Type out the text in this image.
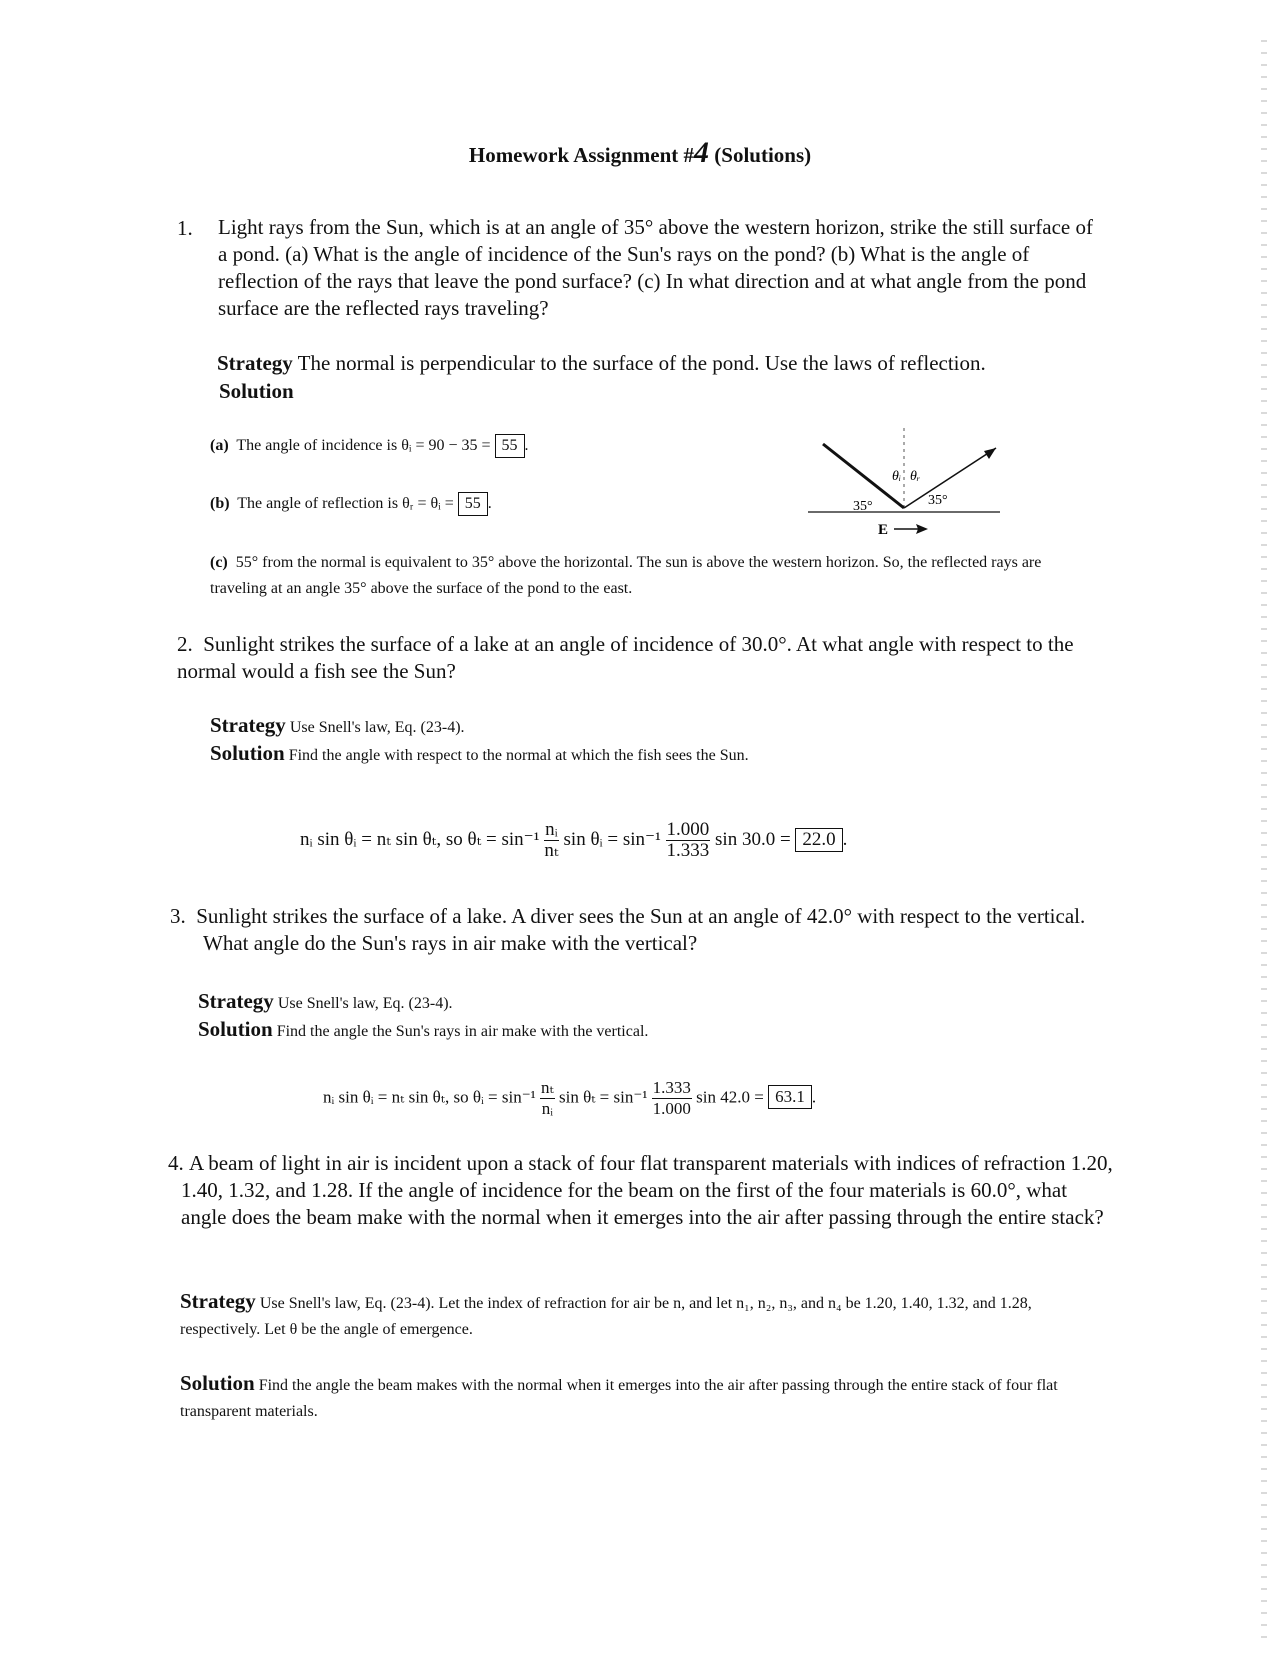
Homework Assignment #4 (Solutions)
1. Light rays from the Sun, which is at an angle of 35° above the western horizon, strike the still surface of a pond. (a) What is the angle of incidence of the Sun's rays on the pond? (b) What is the angle of reflection of the rays that leave the pond surface? (c) In what direction and at what angle from the pond surface are the reflected rays traveling?
Strategy The normal is perpendicular to the surface of the pond. Use the laws of reflection.
Solution
(a) The angle of incidence is θᵢ = 90 − 35 = 55 .
(b) The angle of reflection is θᵣ = θᵢ = 55 .
θᵢ θᵣ
35°	35°
E
(c) 55° from the normal is equivalent to 35° above the horizontal. The sun is above the western horizon. So, the reflected rays are traveling at an angle 35° above the surface of the pond to the east.
2. Sunlight strikes the surface of a lake at an angle of incidence of 30.0°. At what angle with respect to the normal would a fish see the Sun?
Strategy Use Snell's law, Eq. (23-4).
Solution Find the angle with respect to the normal at which the fish sees the Sun.
nᵢ sin θᵢ = nₜ sin θₜ, so $\theta_t = \sin^{-1} \frac{\text{nᵢ}}{\text{nₜ}}$ sin θᵢ = $\sin^{-1} \frac{1.000}{1.333}$ sin 30.0 = 22.0 .
3. Sunlight strikes the surface of a lake. A diver sees the Sun at an angle of 42.0° with respect to the vertical. What angle do the Sun's rays in air make with the vertical?
Strategy Use Snell's law, Eq. (23-4).
Solution Find the angle the Sun's rays in air make with the vertical.
nᵢ sin θᵢ = nₜ sin θₜ, so θᵢ = $\sin^{-1} \frac{\text{nₜ}}{\text{nᵢ}}$ $\sin \theta_t = \sin^{-1} \frac{1.333}{1.000}$ sin 42.0 = 63.1 .
4. A beam of light in air is incident upon a stack of four flat transparent materials with indices of refraction 1.20, 1.40, 1.32, and 1.28. If the angle of incidence for the beam on the first of the four materials is 60.0°, what angle does the beam make with the normal when it emerges into the air after passing through the entire stack?
Strategy Use Snell's law, Eq. (23-4). Let the index of refraction for air be n, and let n₁, n₂, n₃, and n₄ be 1.20, 1.40, 1.32, and 1.28, respectively. Let θ be the angle of emergence.
Solution Find the angle the beam makes with the normal when it emerges into the air after passing through the entire stack of four flat transparent materials.
